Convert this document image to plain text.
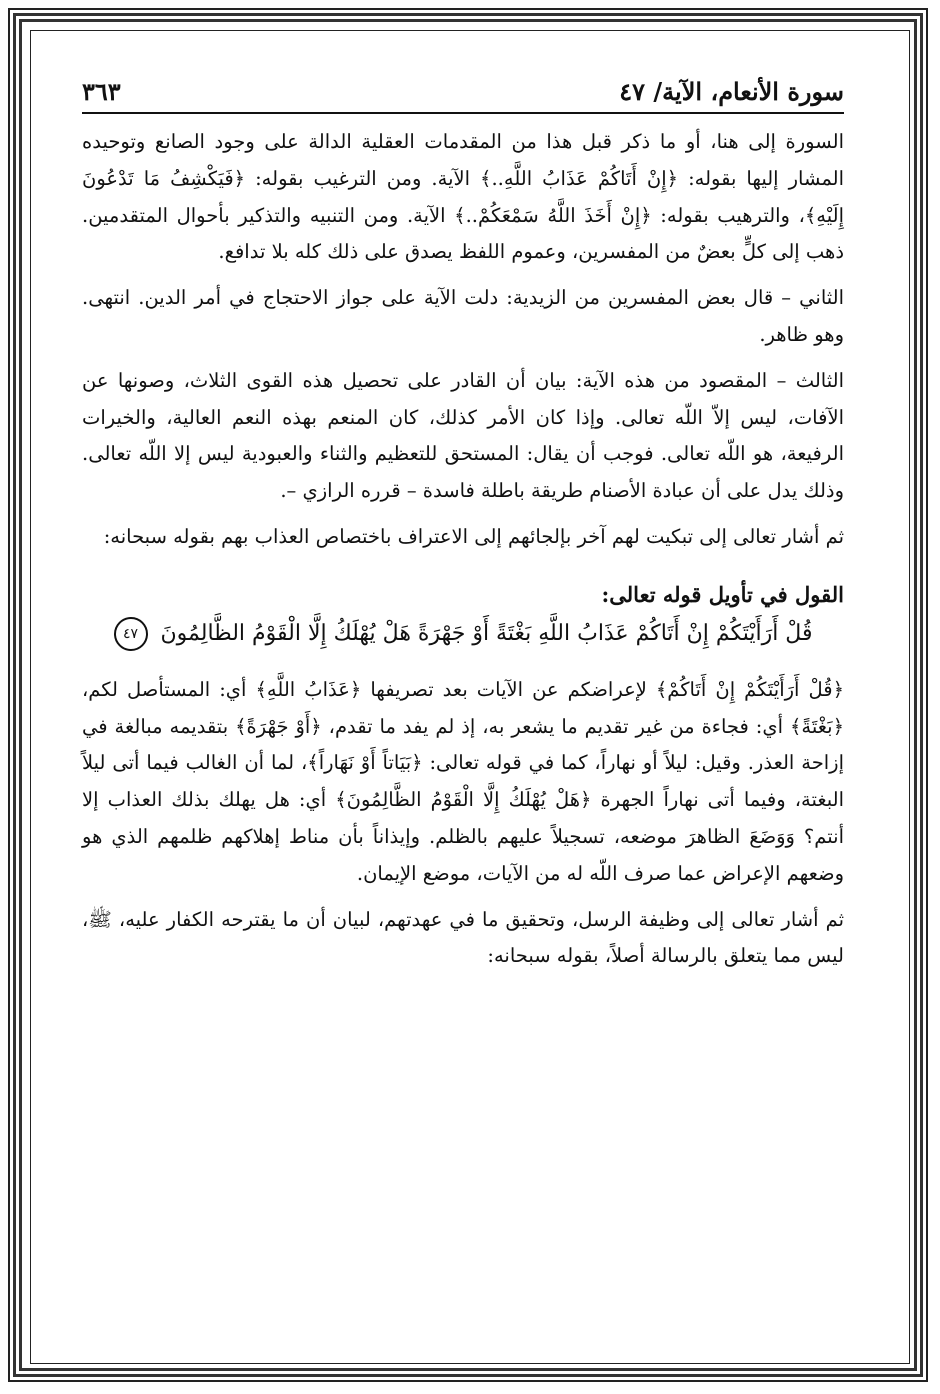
سورة الأنعام، الآية/ ٤٧
٣٦٣

السورة إلى هنا، أو ما ذكر قبل هذا من المقدمات العقلية الدالة على وجود الصانع وتوحيده المشار إليها بقوله: ﴿إِنْ أَتَاكُمْ عَذَابُ اللَّهِ..﴾ الآية. ومن الترغيب بقوله: ﴿فَيَكْشِفُ مَا تَدْعُونَ إِلَيْهِ﴾، والترهيب بقوله: ﴿إِنْ أَخَذَ اللَّهُ سَمْعَكُمْ..﴾ الآية. ومن التنبيه والتذكير بأحوال المتقدمين. ذهب إلى كلٍّ بعضٌ من المفسرين، وعموم اللفظ يصدق على ذلك كله بلا تدافع.

الثاني – قال بعض المفسرين من الزيدية: دلت الآية على جواز الاحتجاج في أمر الدين. انتهى. وهو ظاهر.

الثالث – المقصود من هذه الآية: بيان أن القادر على تحصيل هذه القوى الثلاث، وصونها عن الآفات، ليس إلاّ اللّه تعالى. وإذا كان الأمر كذلك، كان المنعم بهذه النعم العالية، والخيرات الرفيعة، هو اللّه تعالى. فوجب أن يقال: المستحق للتعظيم والثناء والعبودية ليس إلا اللّه تعالى. وذلك يدل على أن عبادة الأصنام طريقة باطلة فاسدة – قرره الرازي –.

ثم أشار تعالى إلى تبكيت لهم آخر بإلجائهم إلى الاعتراف باختصاص العذاب بهم بقوله سبحانه:

القول في تأويل قوله تعالى:
قُلْ أَرَأَيْتَكُمْ إِنْ أَتَاكُمْ عَذَابُ اللَّهِ بَغْتَةً أَوْ جَهْرَةً هَلْ يُهْلَكُ إِلَّا الْقَوْمُ الظَّالِمُونَ ٤٧

﴿قُلْ أَرَأَيْتَكُمْ إِنْ أَتَاكُمْ﴾ لإعراضكم عن الآيات بعد تصريفها ﴿عَذَابُ اللَّهِ﴾ أي: المستأصل لكم، ﴿بَغْتَةً﴾ أي: فجاءة من غير تقديم ما يشعر به، إذ لم يفد ما تقدم، ﴿أَوْ جَهْرَةً﴾ بتقديمه مبالغة في إزاحة العذر. وقيل: ليلاً أو نهاراً، كما في قوله تعالى: ﴿بَيَاتاً أَوْ نَهَاراً﴾، لما أن الغالب فيما أتى ليلاً البغتة، وفيما أتى نهاراً الجهرة ﴿هَلْ يُهْلَكُ إِلَّا الْقَوْمُ الظَّالِمُونَ﴾ أي: هل يهلك بذلك العذاب إلا أنتم؟ وَوَضَعَ الظاهرَ موضعه، تسجيلاً عليهم بالظلم. وإيذاناً بأن مناط إهلاكهم ظلمهم الذي هو وضعهم الإعراض عما صرف اللّه له من الآيات، موضع الإيمان.

ثم أشار تعالى إلى وظيفة الرسل، وتحقيق ما في عهدتهم، لبيان أن ما يقترحه الكفار عليه، ﷺ، ليس مما يتعلق بالرسالة أصلاً، بقوله سبحانه:
